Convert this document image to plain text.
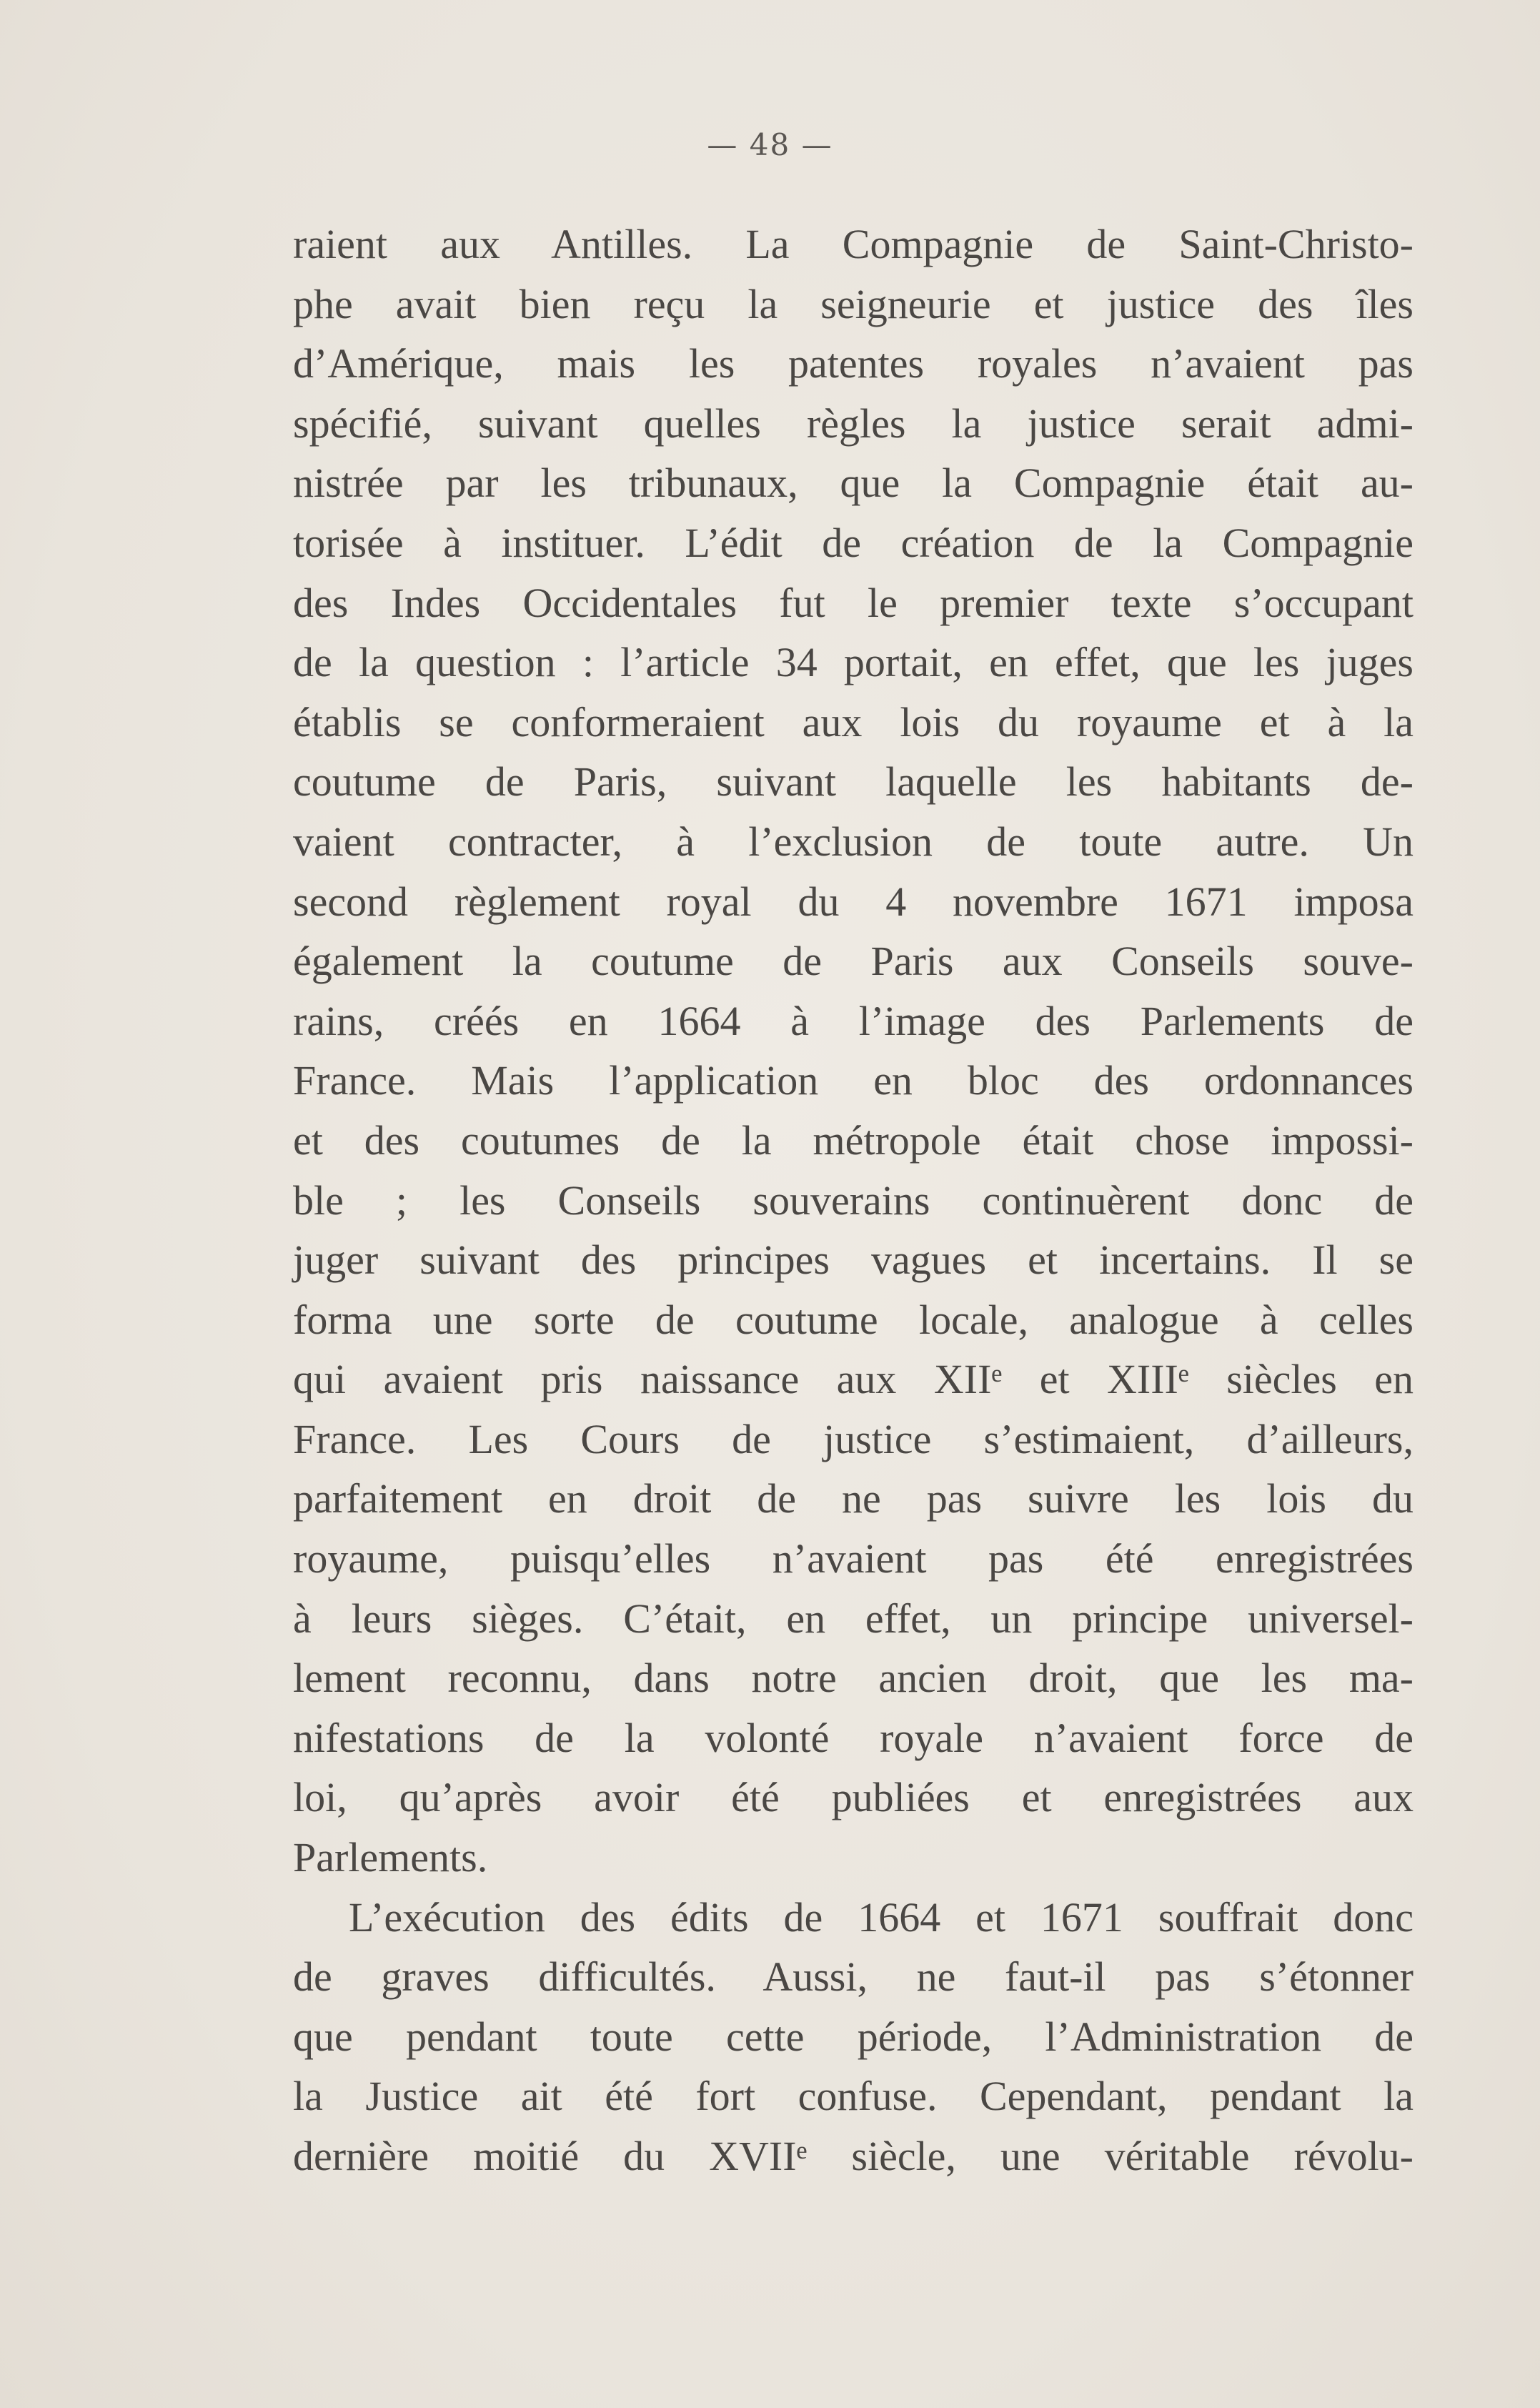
— 48 —
raient aux Antilles. La Compagnie de Saint-Christo-
phe avait bien reçu la seigneurie et justice des îles
d’Amérique, mais les patentes royales n’avaient pas
spécifié, suivant quelles règles la justice serait admi-
nistrée par les tribunaux, que la Compagnie était au-
torisée à instituer. L’édit de création de la Compagnie
des Indes Occidentales fut le premier texte s’occupant
de la question : l’article 34 portait, en effet, que les juges
établis se conformeraient aux lois du royaume et à la
coutume de Paris, suivant laquelle les habitants de-
vaient contracter, à l’exclusion de toute autre. Un
second règlement royal du 4 novembre 1671 imposa
également la coutume de Paris aux Conseils souve-
rains, créés en 1664 à l’image des Parlements de
France. Mais l’application en bloc des ordonnances
et des coutumes de la métropole était chose impossi-
ble ; les Conseils souverains continuèrent donc de
juger suivant des principes vagues et incertains. Il se
forma une sorte de coutume locale, analogue à celles
qui avaient pris naissance aux XIIᵉ et XIIIᵉ siècles en
France. Les Cours de justice s’estimaient, d’ailleurs,
parfaitement en droit de ne pas suivre les lois du
royaume, puisqu’elles n’avaient pas été enregistrées
à leurs sièges. C’était, en effet, un principe universel-
lement reconnu, dans notre ancien droit, que les ma-
nifestations de la volonté royale n’avaient force de
loi, qu’après avoir été publiées et enregistrées aux
Parlements.
L’exécution des édits de 1664 et 1671 souffrait donc
de graves difficultés. Aussi, ne faut-il pas s’étonner
que pendant toute cette période, l’Administration de
la Justice ait été fort confuse. Cependant, pendant la
dernière moitié du XVIIᵉ siècle, une véritable révolu-
